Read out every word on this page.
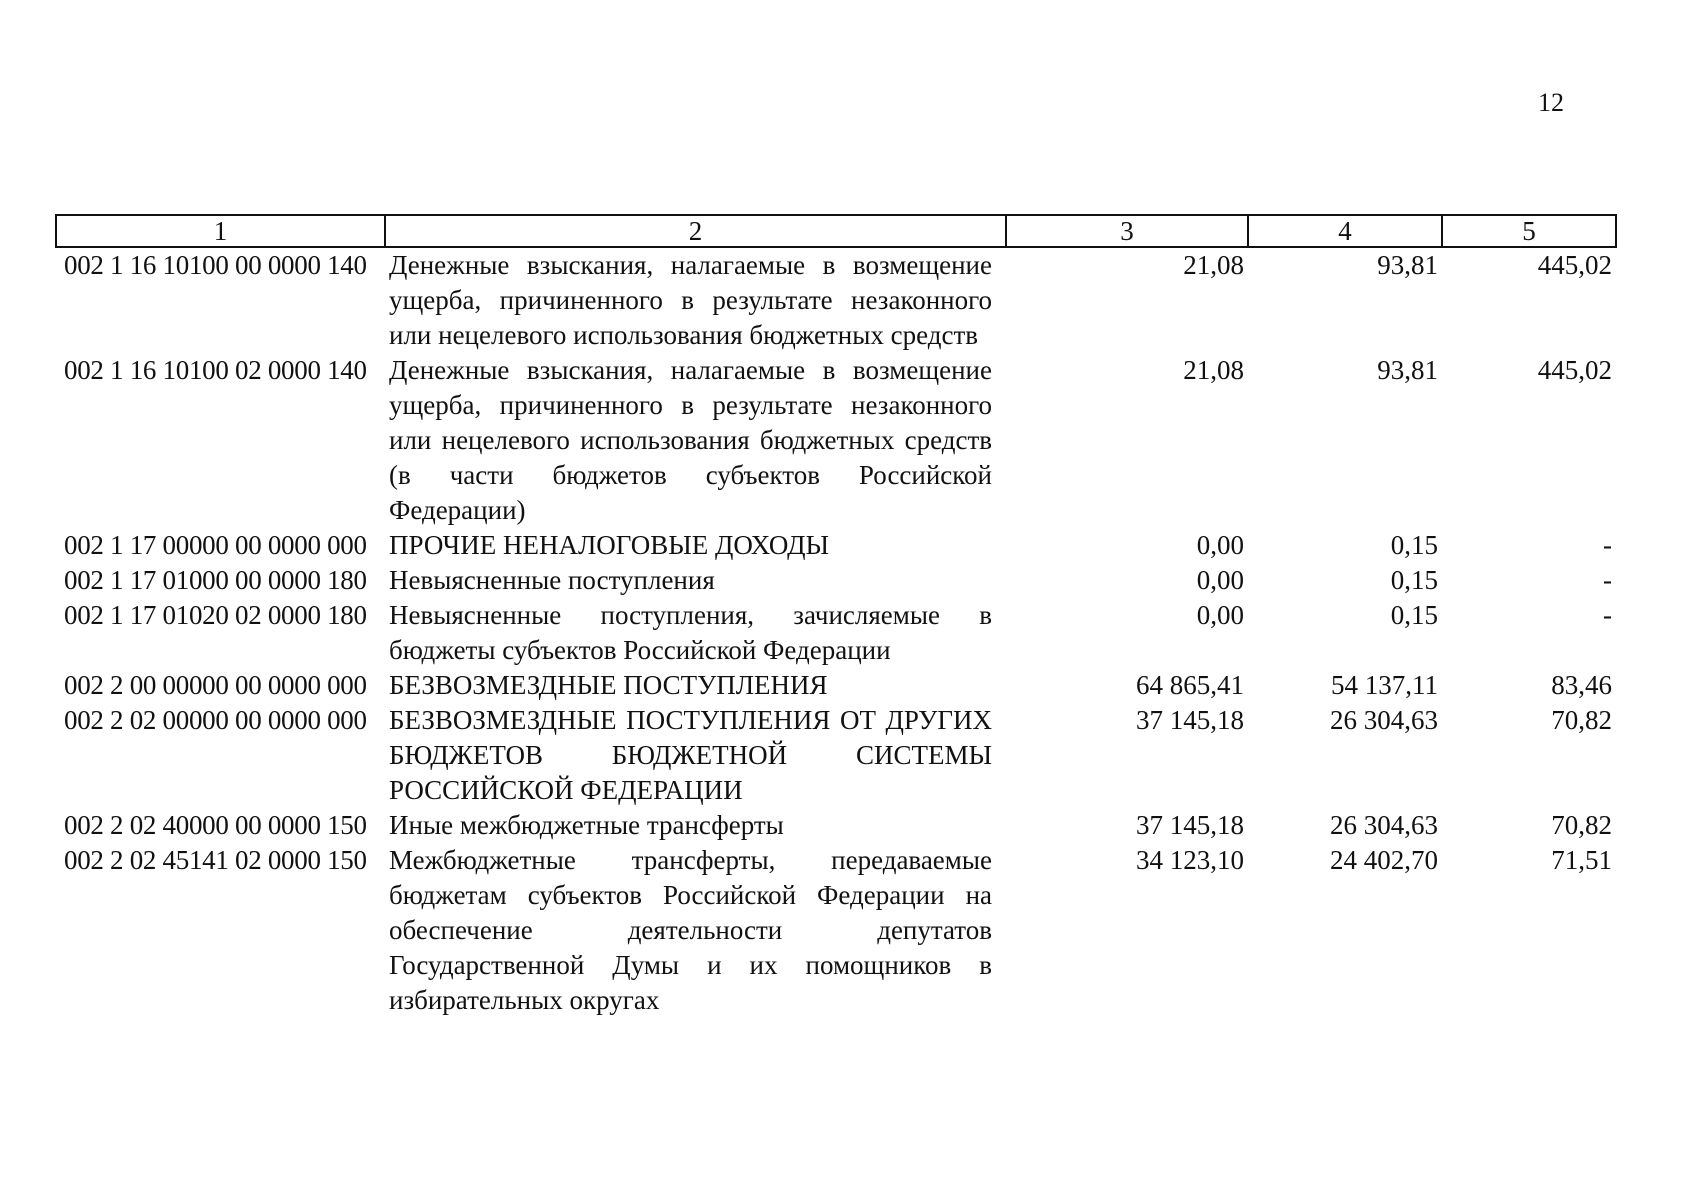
12
1	2	3	4	5
002 1 16 10100 00 0000 140	Денежные взыскания, налагаемые в возмещение ущерба, причиненного в результате незаконного или нецелевого использования бюджетных средств	21,08	93,81	445,02
002 1 16 10100 02 0000 140	Денежные взыскания, налагаемые в возмещение ущерба, причиненного в результате незаконного или нецелевого использования бюджетных средств (в части бюджетов субъектов Российской Федерации)	21,08	93,81	445,02
002 1 17 00000 00 0000 000	ПРОЧИЕ НЕНАЛОГОВЫЕ ДОХОДЫ	0,00	0,15	-
002 1 17 01000 00 0000 180	Невыясненные поступления	0,00	0,15	-
002 1 17 01020 02 0000 180	Невыясненные поступления, зачисляемые в бюджеты субъектов Российской Федерации	0,00	0,15	-
002 2 00 00000 00 0000 000	БЕЗВОЗМЕЗДНЫЕ ПОСТУПЛЕНИЯ	64 865,41	54 137,11	83,46
002 2 02 00000 00 0000 000	БЕЗВОЗМЕЗДНЫЕ ПОСТУПЛЕНИЯ ОТ ДРУГИХ БЮДЖЕТОВ БЮДЖЕТНОЙ СИСТЕМЫ РОССИЙСКОЙ ФЕДЕРАЦИИ	37 145,18	26 304,63	70,82
002 2 02 40000 00 0000 150	Иные межбюджетные трансферты	37 145,18	26 304,63	70,82
002 2 02 45141 02 0000 150	Межбюджетные трансферты, передаваемые бюджетам субъектов Российской Федерации на обеспечение деятельности депутатов Государственной Думы и их помощников в избирательных округах	34 123,10	24 402,70	71,51
